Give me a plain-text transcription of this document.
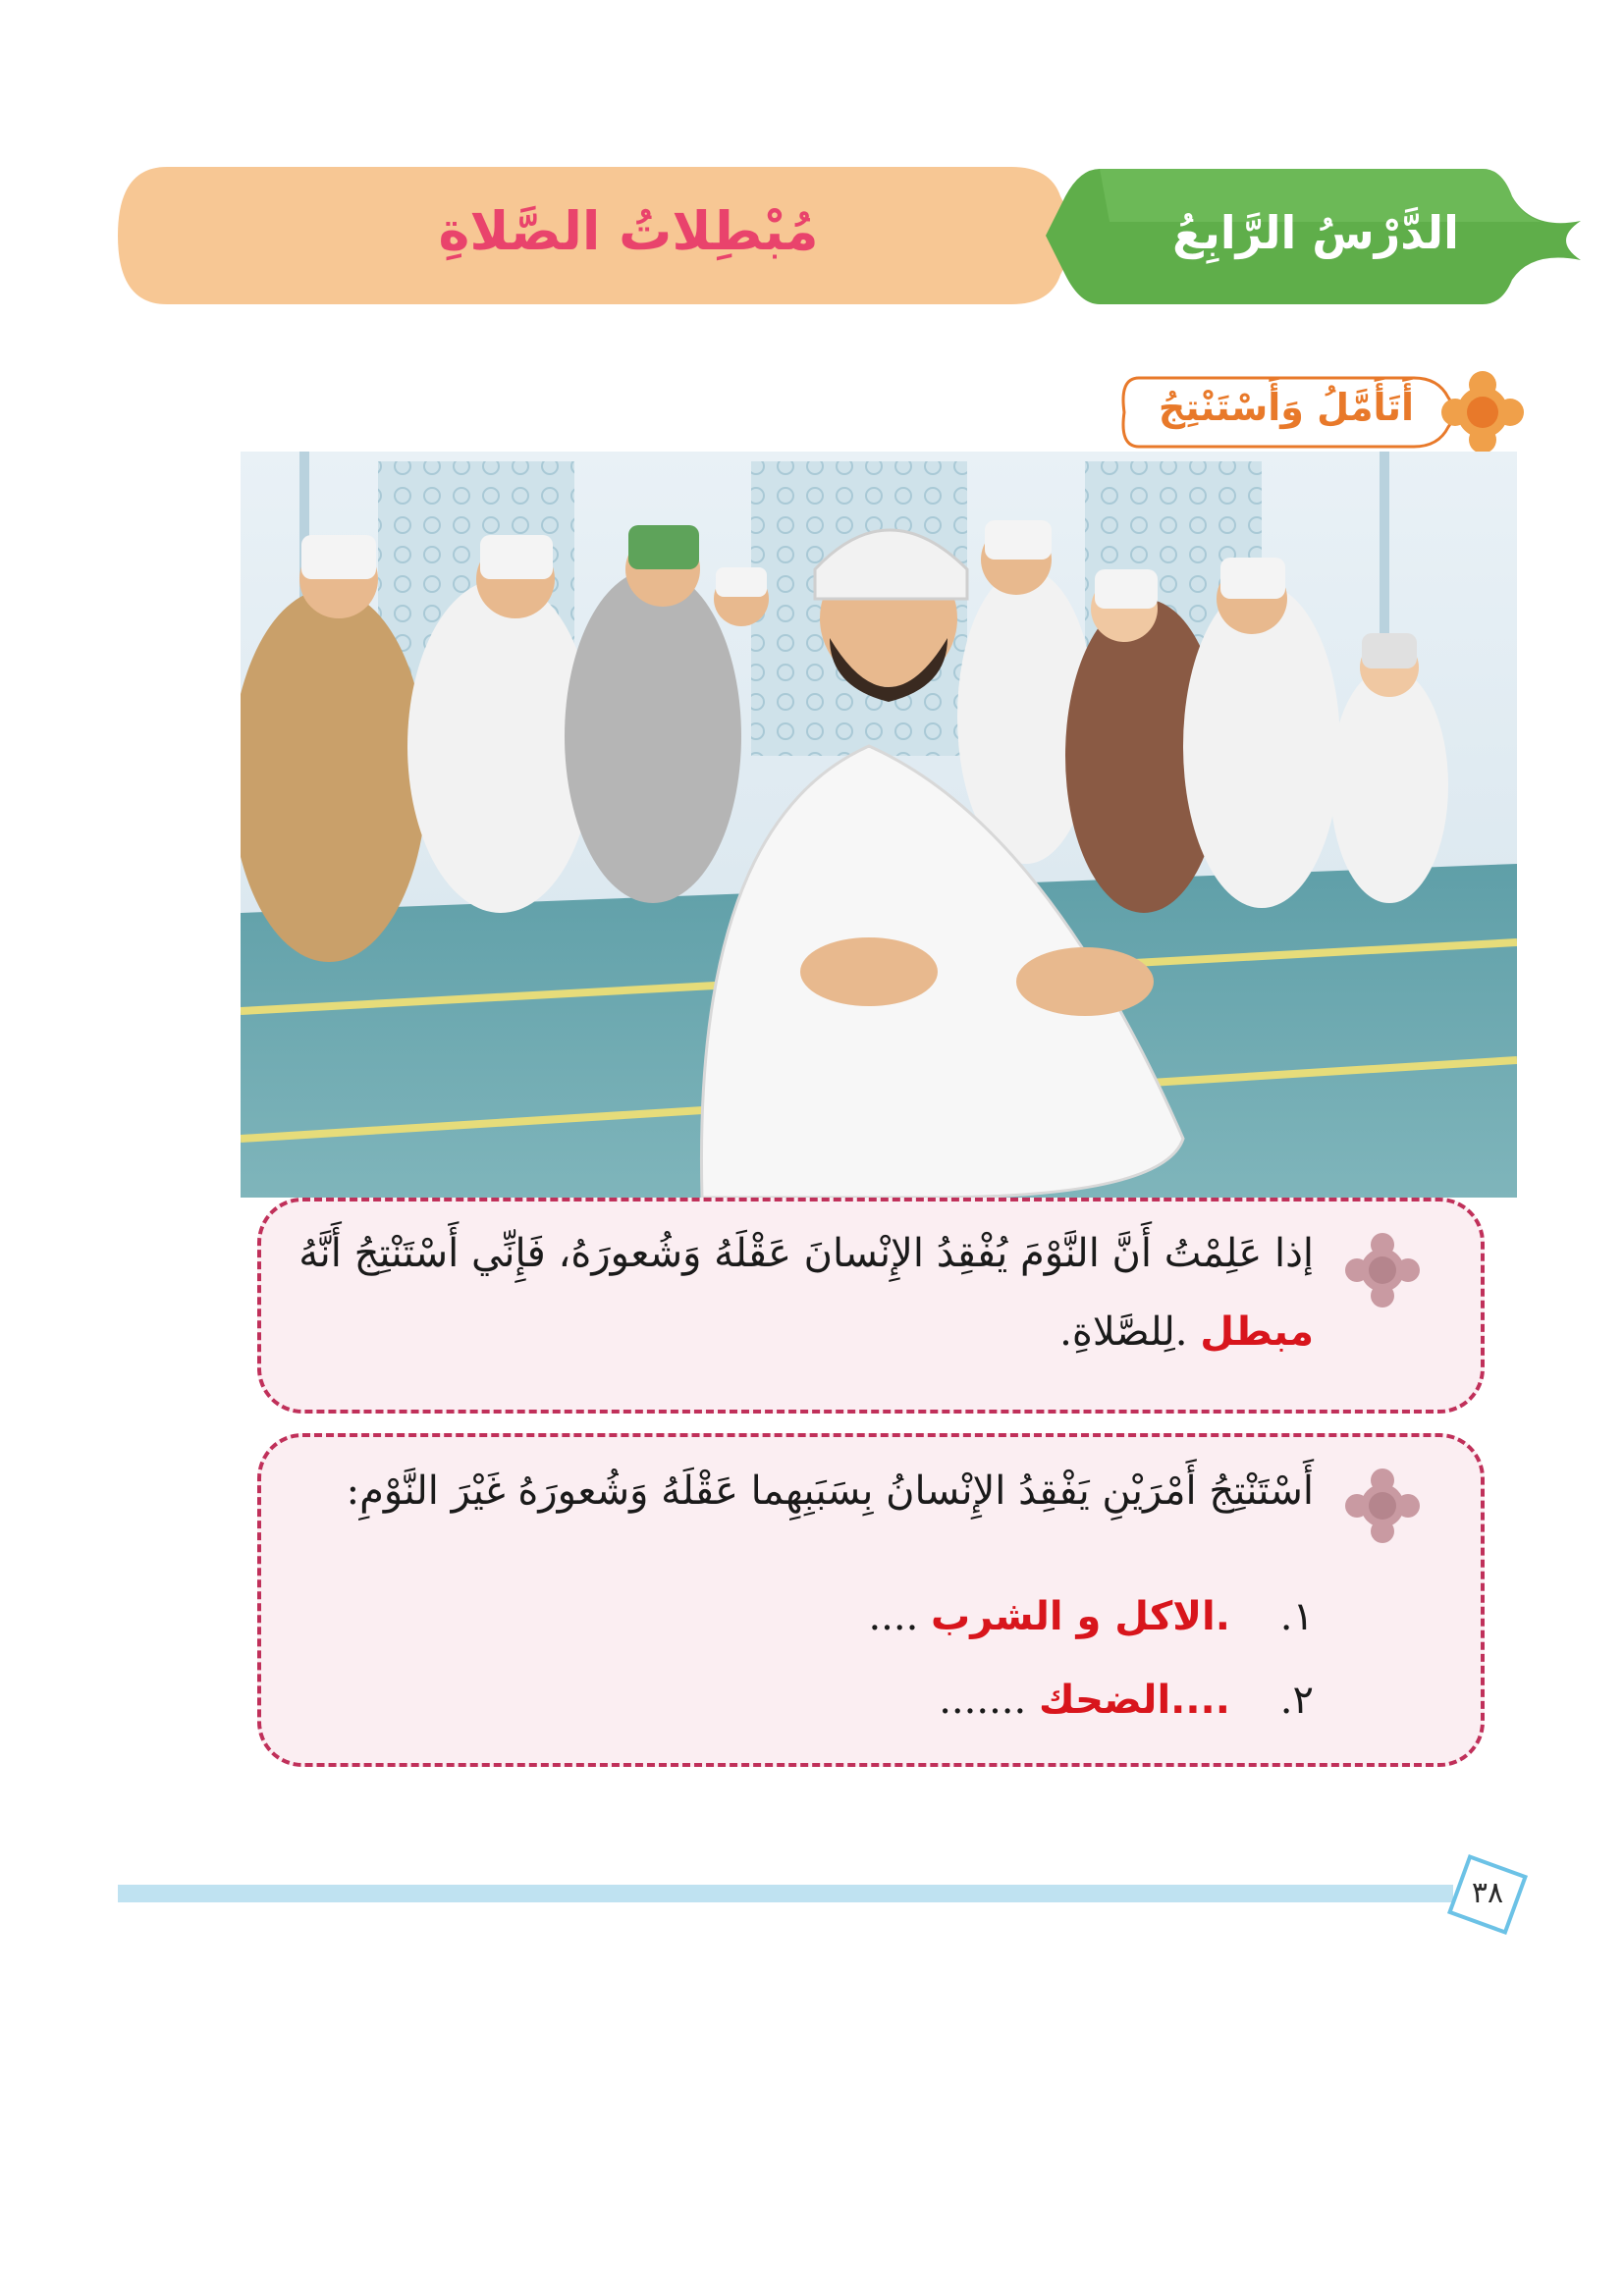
الدَّرْسُ الرَّابِعُ
مُبْطِلاتُ الصَّلاةِ
أَتَأَمَّلُ وَأَسْتَنْتِجُ
إذا عَلِمْتُ أَنَّ النَّوْمَ يُفْقِدُ الإِنْسانَ عَقْلَهُ وَشُعورَهُ، فَإِنِّي أَسْتَنْتِجُ أَنَّهُ
مبطل .لِلصَّلاةِ.
أَسْتَنْتِجُ أَمْرَيْنِ يَفْقِدُ الإِنْسانُ بِسَبَبِهِما عَقْلَهُ وَشُعورَهُ غَيْرَ النَّوْمِ:
١.    .الاكل و الشرب ....
٢.    ....الضحك .......
٣٨
